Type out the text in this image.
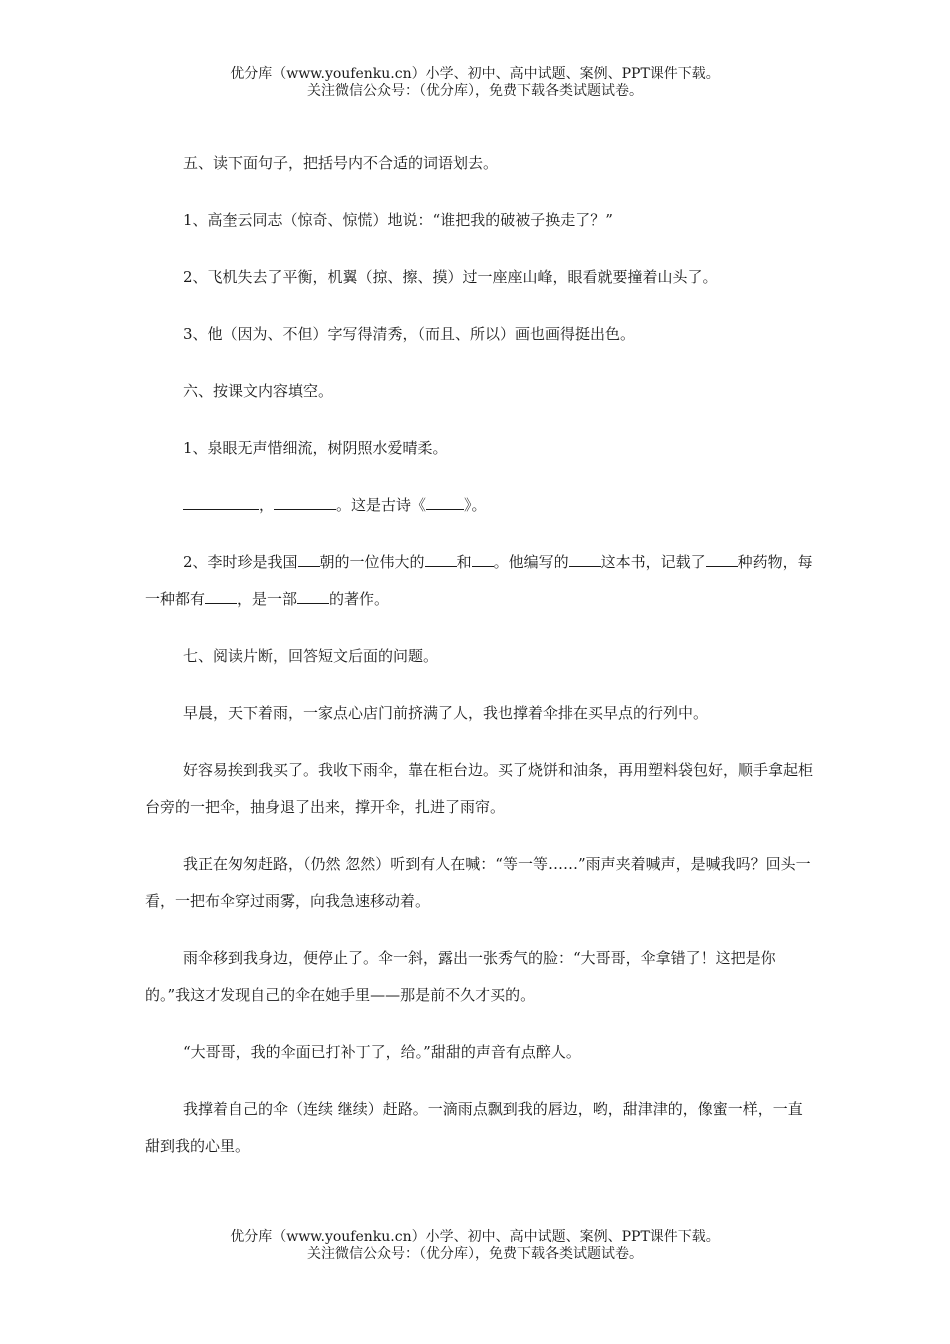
优分库（www.youfenku.cn）小学、初中、高中试题、案例、PPT课件下载。
关注微信公众号：（优分库），免费下载各类试题试卷。

五、读下面句子，把括号内不合适的词语划去。

1、高奎云同志（惊奇、惊慌）地说：“谁把我的破被子换走了？”

2、飞机失去了平衡，机翼（掠、擦、摸）过一座座山峰，眼看就要撞着山头了。

3、他（因为、不但）字写得清秀，（而且、所以）画也画得挺出色。

六、按课文内容填空。

1、泉眼无声惜细流，树阴照水爱晴柔。

，	。这是古诗《	》。

2、李时珍是我国 朝的一位伟大的 和 。他编写的 这本书，记载了 种药物，每一种都有 ，是一部 的著作。

七、阅读片断，回答短文后面的问题。

早晨，天下着雨，一家点心店门前挤满了人，我也撑着伞排在买早点的行列中。

好容易挨到我买了。我收下雨伞，靠在柜台边。买了烧饼和油条，再用塑料袋包好，顺手拿起柜台旁的一把伞，抽身退了出来，撑开伞，扎进了雨帘。

我正在匆匆赶路，（仍然 忽然）听到有人在喊：“等一等……”雨声夹着喊声，是喊我吗？回头一看，一把布伞穿过雨雾，向我急速移动着。

雨伞移到我身边，便停止了。伞一斜，露出一张秀气的脸：“大哥哥，伞拿错了！这把是你的。”我这才发现自己的伞在她手里——那是前不久才买的。

“大哥哥，我的伞面已打补丁了，给。”甜甜的声音有点醉人。

我撑着自己的伞（连续 继续）赶路。一滴雨点飘到我的唇边，哟，甜津津的，像蜜一样，一直甜到我的心里。

优分库（www.youfenku.cn）小学、初中、高中试题、案例、PPT课件下载。
关注微信公众号：（优分库），免费下载各类试题试卷。
